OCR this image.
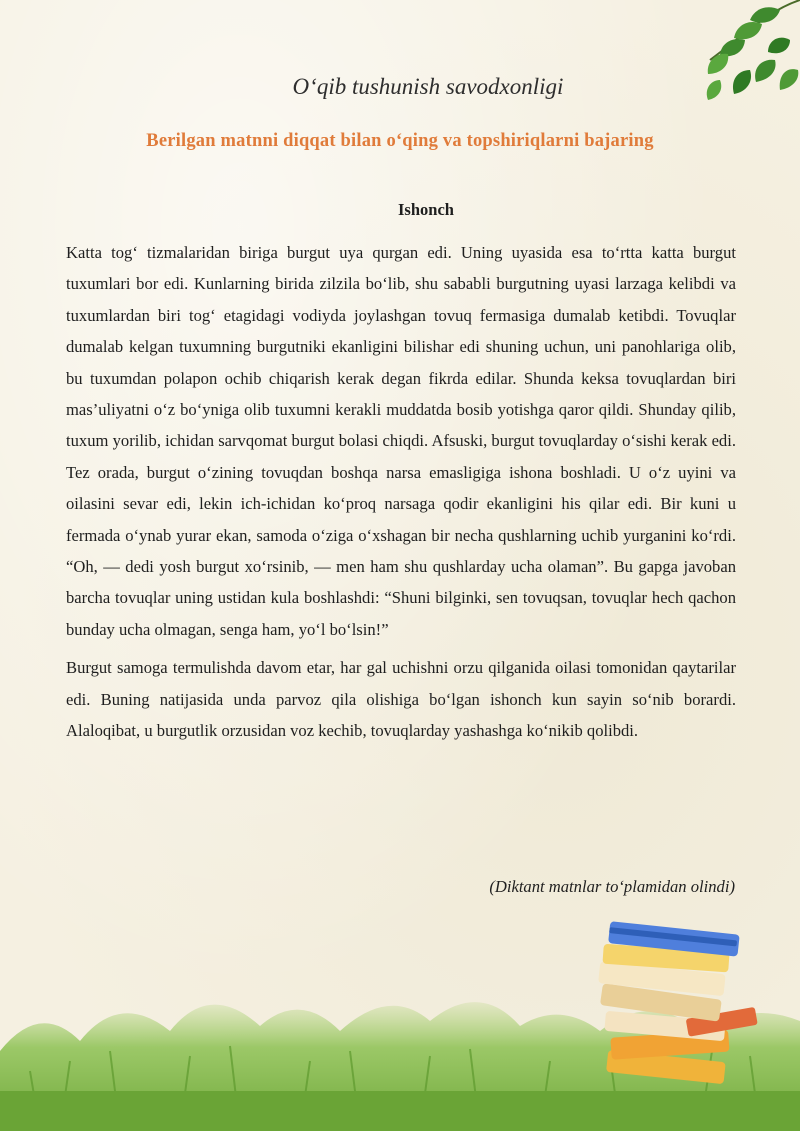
O‘qib tushunish savodxonligi
Berilgan matnni diqqat bilan o‘qing va topshiriqlarni bajaring
Ishonch

Katta tog‘ tizmalaridan biriga burgut uya qurgan edi. Uning uyasida esa to‘rtta katta burgut tuxumlari bor edi. Kunlarning birida zilzila bo‘lib, shu sababli burgutning uyasi larzaga kelibdi va tuxumlardan biri tog‘ etagidagi vodiyda joylashgan tovuq fermasiga dumalab ketibdi. Tovuqlar dumalab kelgan tuxumning burgutniki ekanligini bilishar edi shuning uchun, uni panohlariga olib, bu tuxumdan polapon ochib chiqarish kerak degan fikrda edilar. Shunda keksa tovuqlardan biri mas’uliyatni o‘z bo‘yniga olib tuxumni kerakli muddatda bosib yotishga qaror qildi. Shunday qilib, tuxum yorilib, ichidan sarvqomat burgut bolasi chiqdi. Afsuski, burgut tovuqlarday o‘sishi kerak edi. Tez orada, burgut o‘zining tovuqdan boshqa narsa emasligiga ishona boshladi. U o‘z uyini va oilasini sevar edi, lekin ich-ichidan ko‘proq narsaga qodir ekanligini his qilar edi. Bir kuni u fermada o‘ynab yurar ekan, samoda o‘ziga o‘xshagan bir necha qushlarning uchib yurganini ko‘rdi. “Oh, — dedi yosh burgut xo‘rsinib, — men ham shu qushlarday ucha olaman”. Bu gapga javoban barcha tovuqlar uning ustidan kula boshlashdi: “Shuni bilginki, sen tovuqsan, tovuqlar hech qachon bunday ucha olmagan, senga ham, yo‘l bo‘lsin!”

Burgut samoga termulishda davom etar, har gal uchishni orzu qilganida oilasi tomonidan qaytarilar edi. Buning natijasida unda parvoz qila olishiga bo‘lgan ishonch kun sayin so‘nib borardi. Alaloqibat, u burgutlik orzusidan voz kechib, tovuqlarday yashashga ko‘nikib qolibdi.

(Diktant matnlar to‘plamidan olindi)
